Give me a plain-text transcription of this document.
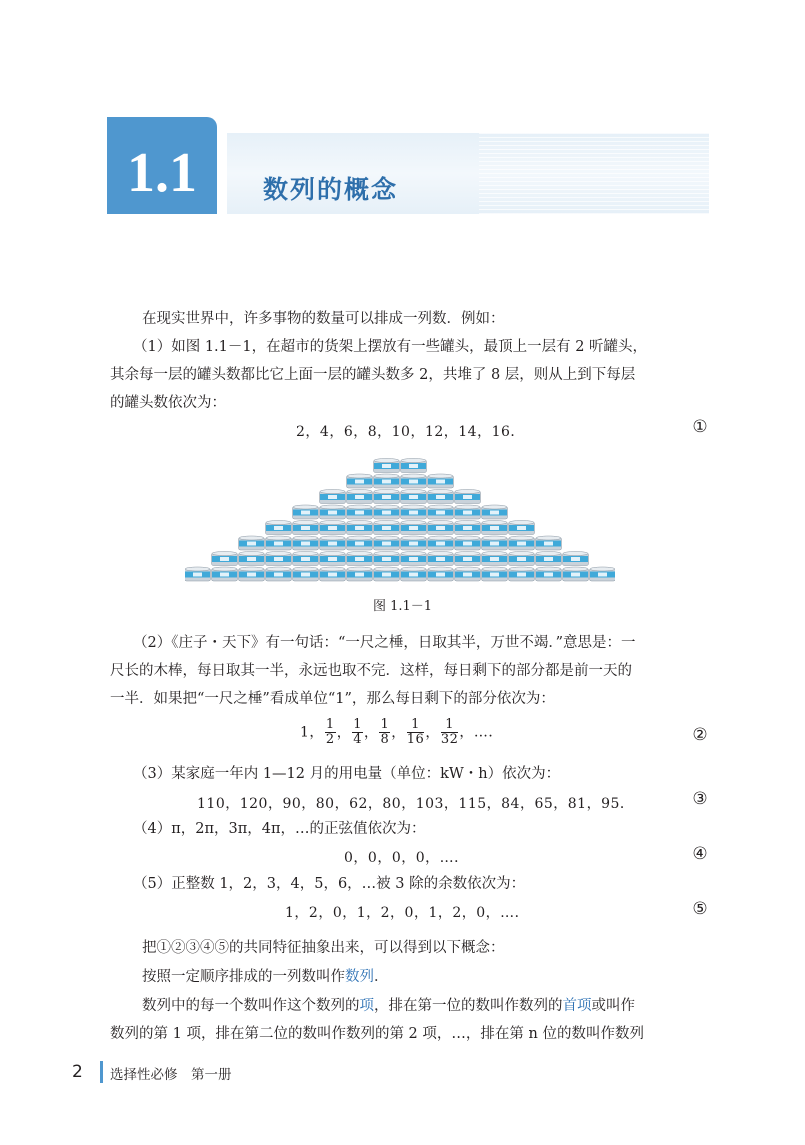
1.1	数列的概念
在现实世界中，许多事物的数量可以排成一列数．例如：
（1）如图 1.1－1，在超市的货架上摆放有一些罐头，最顶上一层有 2 听罐头，
其余每一层的罐头数都比它上面一层的罐头数多 2，共堆了 8 层，则从上到下每层
的罐头数依次为：
2，4，6，8，10，12，14，16．	①
图 1.1－1
（2）《庄子・天下》有一句话：“一尺之棰，日取其半，万世不竭．”意思是：一
尺长的木棒，每日取其一半，永远也取不完．这样，每日剩下的部分都是前一天的
一半．如果把“一尺之棰”看成单位“1”，那么每日剩下的部分依次为：
1， $\frac{1}{2}$ ， $\frac{1}{4}$ ， $\frac{1}{8}$ ， $\frac{1}{16}$ ， $\frac{1}{32}$ ，…．	②
（3）某家庭一年内 1—12 月的用电量（单位：kW・h）依次为：
110，120，90，80，62，80，103，115，84，65，81，95．	③
（4）π，2π，3π，4π，…的正弦值依次为：
0，0，0，0，…．	④
（5）正整数 1，2，3，4，5，6，…被 3 除的余数依次为：
1，2，0，1，2，0，1，2，0，…．	⑤
把①②③④⑤的共同特征抽象出来，可以得到以下概念：
按照一定顺序排成的一列数叫作数列．
数列中的每一个数叫作这个数列的项，排在第一位的数叫作数列的首项或叫作
数列的第 1 项，排在第二位的数叫作数列的第 2 项，…，排在第 n 位的数叫作数列
2 选择性必修　第一册
